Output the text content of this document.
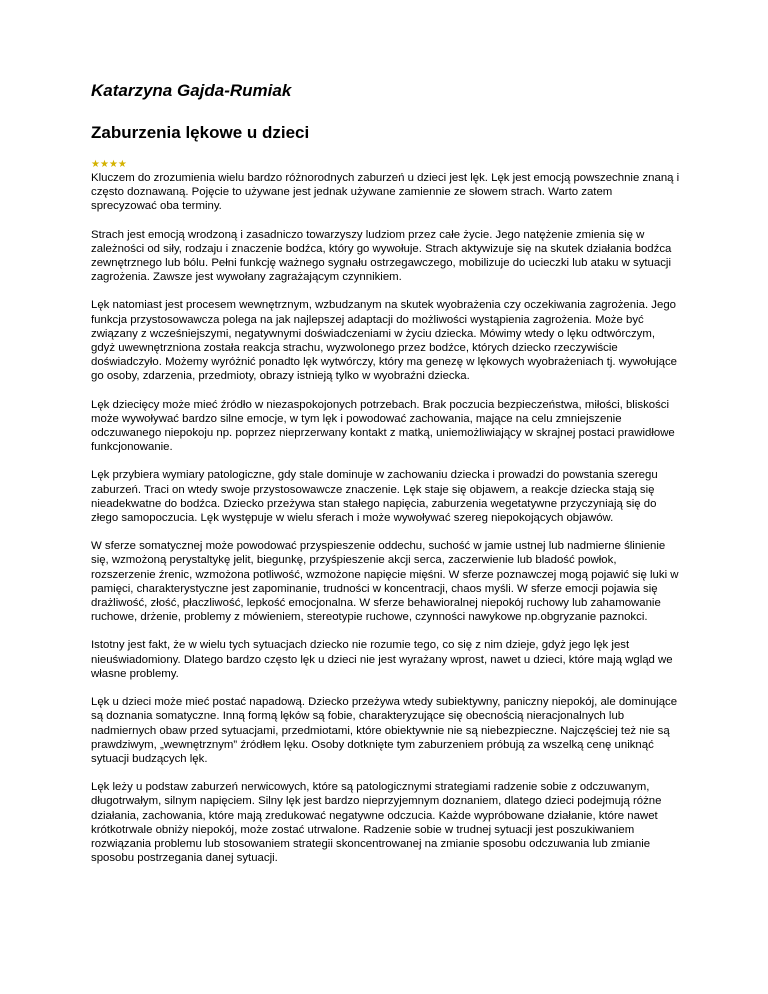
Katarzyna Gajda-Rumiak
Zaburzenia lękowe u dzieci
★ ★ ★ ★

Kluczem do zrozumienia wielu bardzo różnorodnych zaburzeń u dzieci jest lęk. Lęk jest emocją powszechnie znaną i często doznawaną. Pojęcie to używane jest jednak używane zamiennie ze słowem strach. Warto zatem sprecyzować oba terminy.

Strach jest emocją wrodzoną i zasadniczo towarzyszy ludziom przez całe życie. Jego natężenie zmienia się w zależności od siły, rodzaju i znaczenie bodźca, który go wywołuje. Strach aktywizuje się na skutek działania bodźca zewnętrznego lub bólu. Pełni funkcję ważnego sygnału ostrzegawczego, mobilizuje do ucieczki lub ataku w sytuacji zagrożenia. Zawsze jest wywołany zagrażającym czynnikiem.

Lęk natomiast jest procesem wewnętrznym, wzbudzanym na skutek wyobrażenia czy oczekiwania zagrożenia. Jego funkcja przystosowawcza polega na jak najlepszej adaptacji do możliwości wystąpienia zagrożenia. Może być związany z wcześniejszymi, negatywnymi doświadczeniami w życiu dziecka. Mówimy wtedy o lęku odtwórczym, gdyż uwewnętrzniona została reakcja strachu, wyzwolonego przez bodźce, których dziecko rzeczywiście doświadczyło. Możemy wyróżnić ponadto lęk wytwórczy, który ma genezę w lękowych wyobrażeniach tj. wywołujące go osoby, zdarzenia, przedmioty, obrazy istnieją tylko w wyobraźni dziecka.

Lęk dziecięcy może mieć źródło w niezaspokojonych potrzebach. Brak poczucia bezpieczeństwa, miłości, bliskości może wywoływać bardzo silne emocje, w tym lęk i powodować zachowania, mające na celu zmniejszenie odczuwanego niepokoju np. poprzez nieprzerwany kontakt z matką, uniemożliwiający w skrajnej postaci prawidłowe funkcjonowanie.

Lęk przybiera wymiary patologiczne, gdy stale dominuje w zachowaniu dziecka i prowadzi do powstania szeregu zaburzeń. Traci on wtedy swoje przystosowawcze znaczenie. Lęk staje się objawem, a reakcje dziecka stają się nieadekwatne do bodźca. Dziecko przeżywa stan stałego napięcia, zaburzenia wegetatywne przyczyniają się do złego samopoczucia. Lęk występuje w wielu sferach i może wywoływać szereg niepokojących objawów.

W sferze somatycznej może powodować przyspieszenie oddechu, suchość w jamie ustnej lub nadmierne ślinienie się, wzmożoną perystaltykę jelit, biegunkę, przyśpieszenie akcji serca, zaczerwienie lub bladość powłok, rozszerzenie źrenic, wzmożona potliwość, wzmożone napięcie mięśni. W sferze poznawczej mogą pojawić się luki w pamięci, charakterystyczne jest zapominanie, trudności w koncentracji, chaos myśli. W sferze emocji pojawia się drażliwość, złość, płaczliwość, lepkość emocjonalna. W sferze behawioralnej niepokój ruchowy lub zahamowanie ruchowe, drżenie, problemy z mówieniem, stereotypie ruchowe, czynności nawykowe np.obgryzanie paznokci.

Istotny jest fakt, że w wielu tych sytuacjach dziecko nie rozumie tego, co się z nim dzieje, gdyż jego lęk jest nieuświadomiony. Dlatego bardzo często lęk u dzieci nie jest wyrażany wprost, nawet u dzieci, które mają wgląd we własne problemy.

Lęk u dzieci może mieć postać napadową. Dziecko przeżywa wtedy subiektywny, paniczny niepokój, ale dominujące są doznania somatyczne. Inną formą lęków są fobie, charakteryzujące się obecnością nieracjonalnych lub nadmiernych obaw przed sytuacjami, przedmiotami, które obiektywnie nie są niebezpieczne. Najczęściej też nie są prawdziwym, „wewnętrznym” źródłem lęku. Osoby dotknięte tym zaburzeniem próbują za wszelką cenę uniknąć sytuacji budzących lęk.

Lęk leży u podstaw zaburzeń nerwicowych, które są patologicznymi strategiami radzenie sobie z odczuwanym, długotrwałym, silnym napięciem. Silny lęk jest bardzo nieprzyjemnym doznaniem, dlatego dzieci podejmują różne działania, zachowania, które mają zredukować negatywne odczucia. Każde wypróbowane działanie, które nawet krótkotrwale obniży niepokój, może zostać utrwalone. Radzenie sobie w trudnej sytuacji jest poszukiwaniem rozwiązania problemu lub stosowaniem strategii skoncentrowanej na zmianie sposobu odczuwania lub zmianie sposobu postrzegania danej sytuacji.
